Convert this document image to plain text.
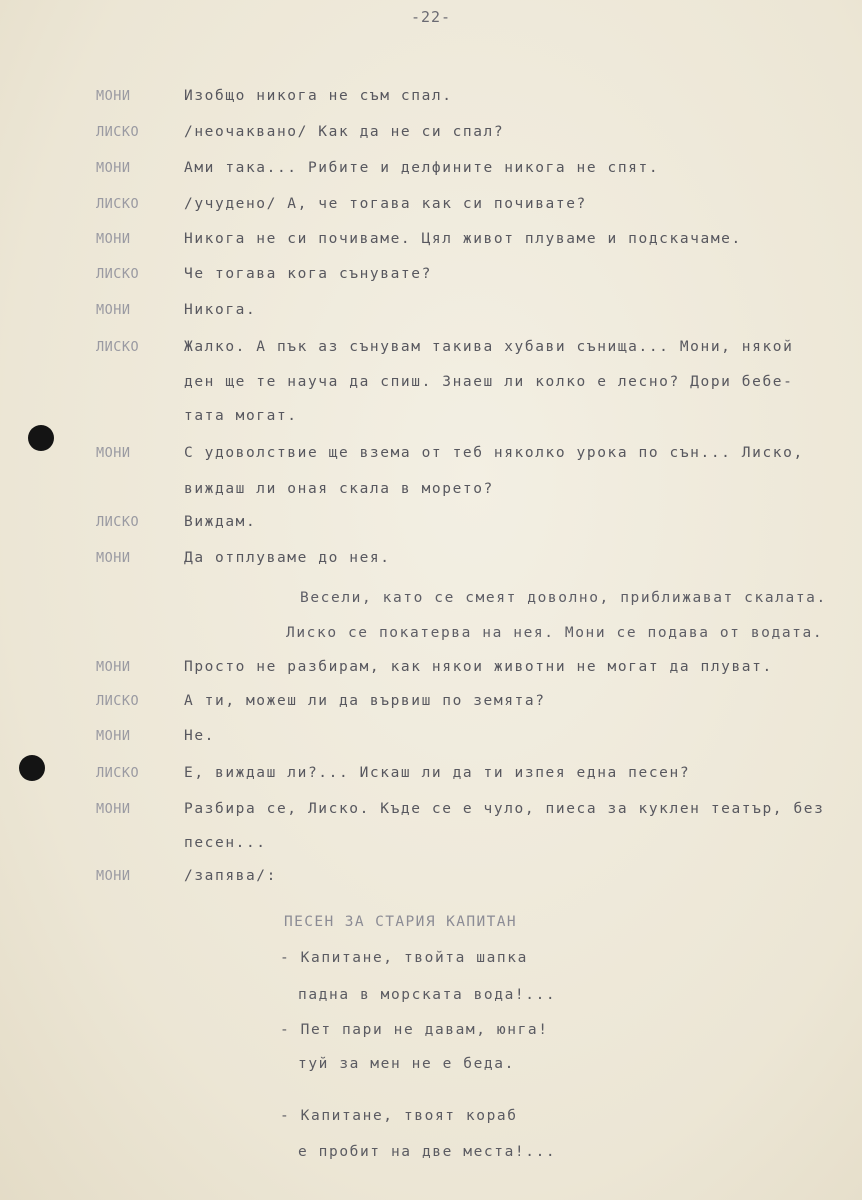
-22-
МОНИ	Изобщо никога не съм спал.
ЛИСКО	/неочаквано/ Как да не си спал?
МОНИ	Ами така... Рибите и делфините никога не спят.
ЛИСКО	/учудено/ А, че тогава как си почивате?
МОНИ	Никога не си почиваме. Цял живот плуваме и подскачаме.
ЛИСКО	Че тогава кога сънувате?
МОНИ	Никога.
ЛИСКО	Жалко. А пък аз сънувам такива хубави сънища... Мони, някой
ден ще те науча да спиш. Знаеш ли колко е лесно? Дори бебе-
тата могат.
МОНИ	С удоволствие ще взема от теб няколко урока по сън... Лиско,
виждаш ли оная скала в морето?
ЛИСКО	Виждам.
МОНИ	Да отплуваме до нея.
Весели, като се смеят доволно, приближават скалата.
Лиско се покатерва на нея. Мони се подава от водата.
МОНИ	Просто не разбирам, как някои животни не могат да плуват.
ЛИСКО	А ти, можеш ли да вървиш по земята?
МОНИ	Не.
ЛИСКО	Е, виждаш ли?... Искаш ли да ти изпея една песен?
МОНИ	Разбира се, Лиско. Къде се е чуло, пиеса за куклен театър, без
песен...
МОНИ	/запява/:
ПЕСЕН ЗА СТАРИЯ КАПИТАН
- Капитане, твойта шапка
падна в морската вода!...
- Пет пари не давам, юнга!
туй за мен не е беда.
- Капитане, твоят кораб
е пробит на две места!...
